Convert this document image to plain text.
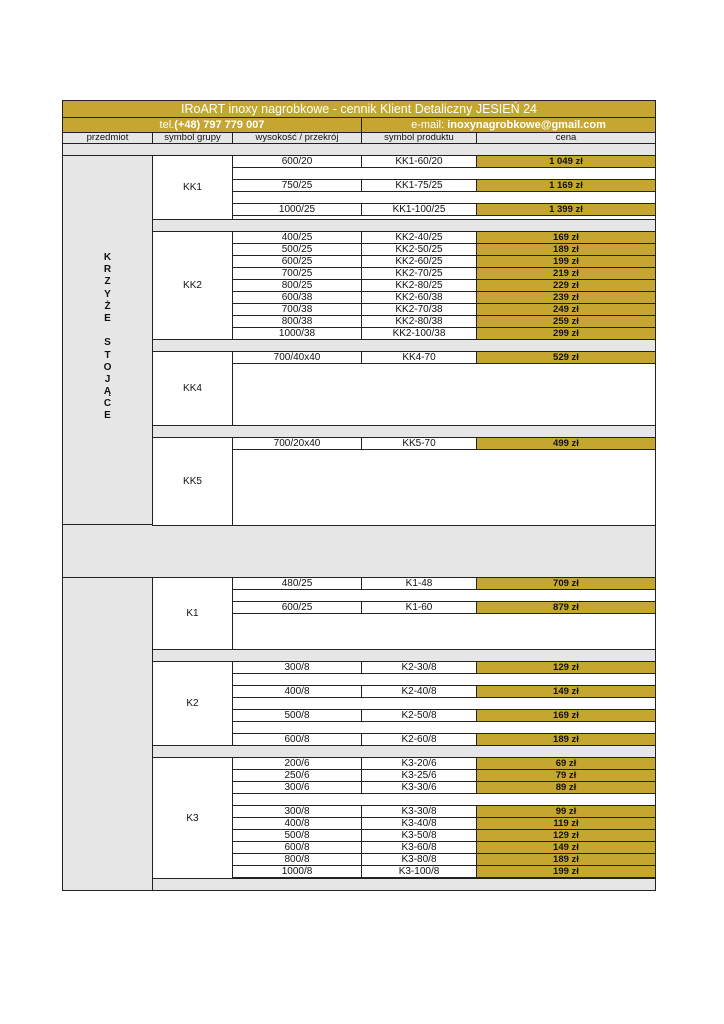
IRoART inoxy nagrobkowe - cennik Klient Detaliczny JESIEŃ 24
tel. (+48) 797 779 007	e-mail: inoxynagrobkowe@gmail.com
przedmiot	symbol grupy	wysokość / przekrój	symbol produktu	cena
K
R
Z
Y
Ż
E

S
T
O
J
Ą
C
E
KK1
600/20	KK1-60/20	1 049 zł
750/25	KK1-75/25	1 169 zł
1000/25	KK1-100/25	1 399 zł
KK2
400/25	KK2-40/25	169 zł
500/25	KK2-50/25	189 zł
600/25	KK2-60/25	199 zł
700/25	KK2-70/25	219 zł
800/25	KK2-80/25	229 zł
600/38	KK2-60/38	239 zł
700/38	KK2-70/38	249 zł
800/38	KK2-80/38	259 zł
1000/38	KK2-100/38	299 zł
KK4
700/40x40	KK4-70	529 zł
KK5
700/20x40	KK5-70	499 zł
K1
480/25	K1-48	709 zł
600/25	K1-60	879 zł
K2
300/8	K2-30/8	129 zł
400/8	K2-40/8	149 zł
500/8	K2-50/8	169 zł
600/8	K2-60/8	189 zł
K3
200/6	K3-20/6	69 zł
250/6	K3-25/6	79 zł
300/6	K3-30/6	89 zł
300/8	K3-30/8	99 zł
400/8	K3-40/8	119 zł
500/8	K3-50/8	129 zł
600/8	K3-60/8	149 zł
800/8	K3-80/8	189 zł
1000/8	K3-100/8	199 zł
